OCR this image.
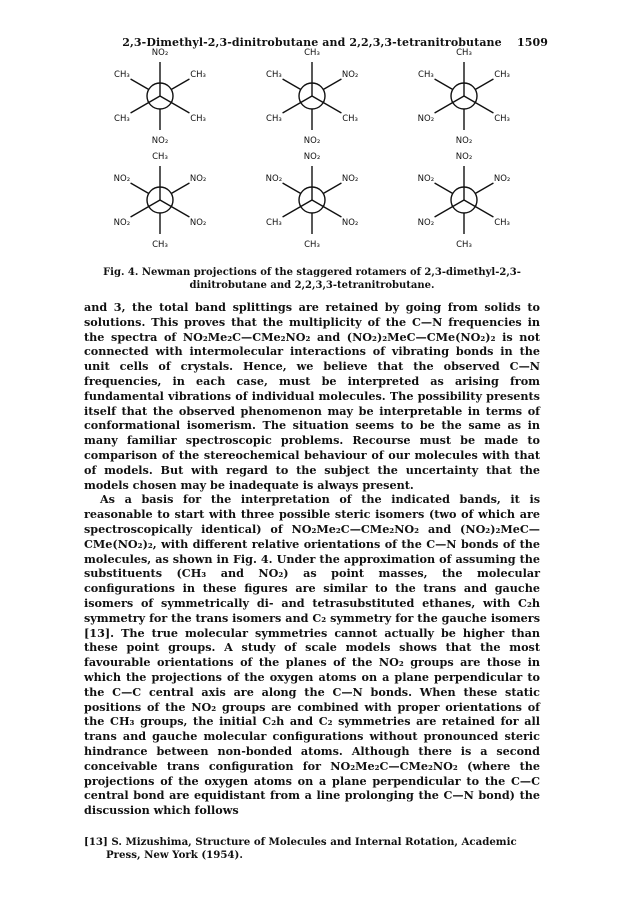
2,3-Dimethyl-2,3-dinitrobutane and 2,2,3,3-tetranitrobutane	1509
NO₂
CH₃	CH₃
NO₂
CH₃	CH₃
NO₂
CH₃	NO₂
CH₃
CH₃	CH₃
NO₂
CH₃	CH₃
CH₃
NO₂	CH₃
CH₃
NO₂	NO₂
CH₃
NO₂	NO₂
CH₃
NO₂	NO₂
NO₂
CH₃	NO₂
CH₃
NO₂	NO₂
NO₂
NO₂	CH₃
Fig. 4. Newman projections of the staggered rotamers of 2,3-dimethyl-2,3-dinitrobutane and 2,2,3,3-tetranitrobutane.

and 3, the total band splittings are retained by going from solids to solutions. This proves that the multiplicity of the C—N frequencies in the spectra of NO₂Me₂C—CMe₂NO₂ and (NO₂)₂MeC—CMe(NO₂)₂ is not connected with intermolecular interactions of vibrating bonds in the unit cells of crystals. Hence, we believe that the observed C—N frequencies, in each case, must be interpreted as arising from fundamental vibrations of individual molecules. The possibility presents itself that the observed phenomenon may be interpretable in terms of conformational isomerism. The situation seems to be the same as in many familiar spectroscopic problems. Recourse must be made to comparison of the stereochemical behaviour of our molecules with that of models. But with regard to the subject the uncertainty that the models chosen may be inadequate is always present.

As a basis for the interpretation of the indicated bands, it is reasonable to start with three possible steric isomers (two of which are spectroscopically identical) of NO₂Me₂C—CMe₂NO₂ and (NO₂)₂MeC—CMe(NO₂)₂, with different relative orientations of the C—N bonds of the molecules, as shown in Fig. 4. Under the approximation of assuming the substituents (CH₃ and NO₂) as point masses, the molecular configurations in these figures are similar to the trans and gauche isomers of symmetrically di- and tetrasubstituted ethanes, with C₂h symmetry for the trans isomers and C₂ symmetry for the gauche isomers [13]. The true molecular symmetries cannot actually be higher than these point groups. A study of scale models shows that the most favourable orientations of the planes of the NO₂ groups are those in which the projections of the oxygen atoms on a plane perpendicular to the C—C central axis are along the C—N bonds. When these static positions of the NO₂ groups are combined with proper orientations of the CH₃ groups, the initial C₂h and C₂ symmetries are retained for all trans and gauche molecular configurations without pronounced steric hindrance between non-bonded atoms. Although there is a second conceivable trans configuration for NO₂Me₂C—CMe₂NO₂ (where the projections of the oxygen atoms on a plane perpendicular to the C—C central bond are equidistant from a line prolonging the C—N bond) the discussion which follows

[13] S. Mizushima, Structure of Molecules and Internal Rotation, Academic Press, New York (1954).
